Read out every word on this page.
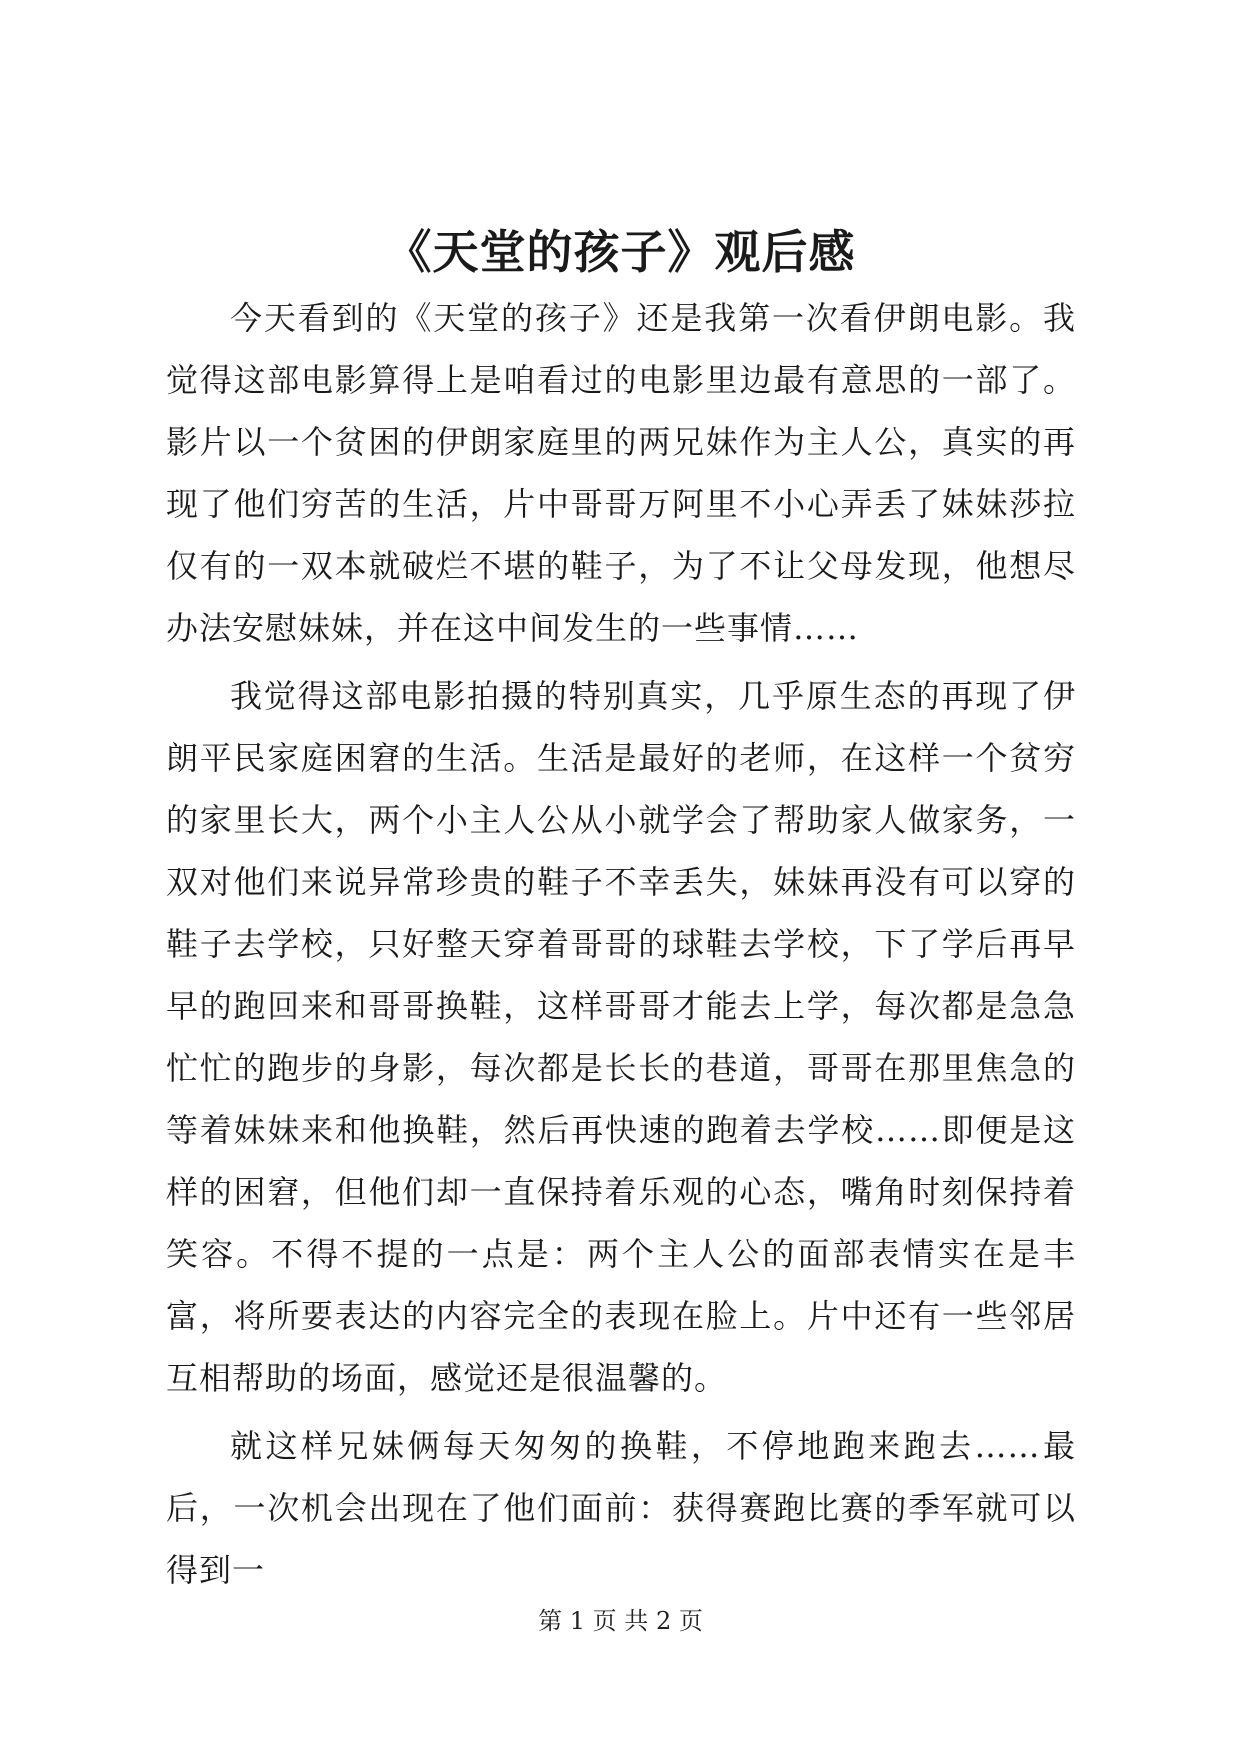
《天堂的孩子》观后感

今天看到的《天堂的孩子》还是我第一次看伊朗电影。我觉得这部电影算得上是咱看过的电影里边最有意思的一部了。影片以一个贫困的伊朗家庭里的两兄妹作为主人公，真实的再现了他们穷苦的生活，片中哥哥万阿里不小心弄丢了妹妹莎拉仅有的一双本就破烂不堪的鞋子，为了不让父母发现，他想尽办法安慰妹妹，并在这中间发生的一些事情……

我觉得这部电影拍摄的特别真实，几乎原生态的再现了伊朗平民家庭困窘的生活。生活是最好的老师，在这样一个贫穷的家里长大，两个小主人公从小就学会了帮助家人做家务，一双对他们来说异常珍贵的鞋子不幸丢失，妹妹再没有可以穿的鞋子去学校，只好整天穿着哥哥的球鞋去学校，下了学后再早早的跑回来和哥哥换鞋，这样哥哥才能去上学，每次都是急急忙忙的跑步的身影，每次都是长长的巷道，哥哥在那里焦急的等着妹妹来和他换鞋，然后再快速的跑着去学校……即便是这样的困窘，但他们却一直保持着乐观的心态，嘴角时刻保持着笑容。不得不提的一点是：两个主人公的面部表情实在是丰富，将所要表达的内容完全的表现在脸上。片中还有一些邻居互相帮助的场面，感觉还是很温馨的。

就这样兄妹俩每天匆匆的换鞋，不停地跑来跑去……最后，一次机会出现在了他们面前：获得赛跑比赛的季军就可以得到一

第 1 页 共 2 页
